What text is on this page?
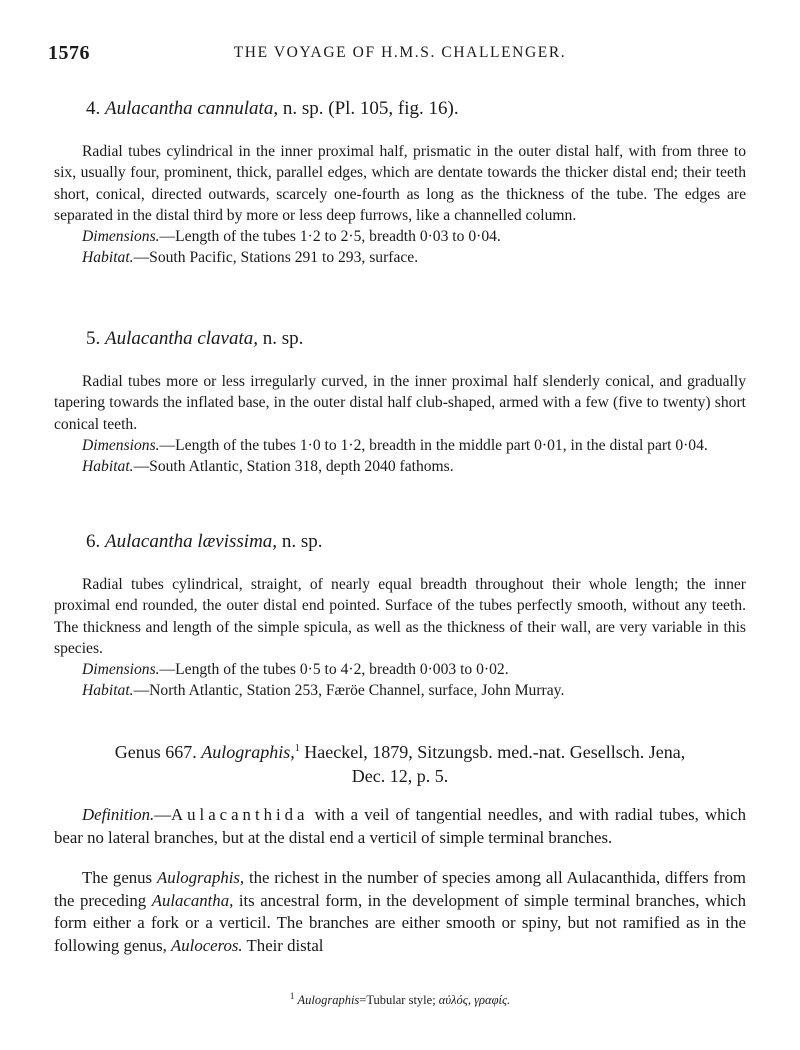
1576	THE VOYAGE OF H.M.S. CHALLENGER.

4. Aulacantha cannulata, n. sp. (Pl. 105, fig. 16).

Radial tubes cylindrical in the inner proximal half, prismatic in the outer distal half, with from three to six, usually four, prominent, thick, parallel edges, which are dentate towards the thicker distal end; their teeth short, conical, directed outwards, scarcely one-fourth as long as the thickness of the tube. The edges are separated in the distal third by more or less deep furrows, like a channelled column.

Dimensions.—Length of the tubes 1·2 to 2·5, breadth 0·03 to 0·04.

Habitat.—South Pacific, Stations 291 to 293, surface.

5. Aulacantha clavata, n. sp.

Radial tubes more or less irregularly curved, in the inner proximal half slenderly conical, and gradually tapering towards the inflated base, in the outer distal half club-shaped, armed with a few (five to twenty) short conical teeth.

Dimensions.—Length of the tubes 1·0 to 1·2, breadth in the middle part 0·01, in the distal part 0·04.

Habitat.—South Atlantic, Station 318, depth 2040 fathoms.

6. Aulacantha lævissima, n. sp.

Radial tubes cylindrical, straight, of nearly equal breadth throughout their whole length; the inner proximal end rounded, the outer distal end pointed. Surface of the tubes perfectly smooth, without any teeth. The thickness and length of the simple spicula, as well as the thickness of their wall, are very variable in this species.

Dimensions.—Length of the tubes 0·5 to 4·2, breadth 0·003 to 0·02.

Habitat.—North Atlantic, Station 253, Færöe Channel, surface, John Murray.

Genus 667. Aulographis,$^1$ Haeckel, 1879, Sitzungsb. med.-nat. Gesellsch. Jena,

Dec. 12, p. 5.

Definition.—Aulacanthida with a veil of tangential needles, and with radial tubes, which bear no lateral branches, but at the distal end a verticil of simple terminal branches.

The genus Aulographis, the richest in the number of species among all Aulacanthida, differs from the preceding Aulacantha, its ancestral form, in the development of simple terminal branches, which form either a fork or a verticil. The branches are either smooth or spiny, but not ramified as in the following genus, Auloceros. Their distal

$^1$ Aulographis=Tubular style; αὐλός, γραφίς.
